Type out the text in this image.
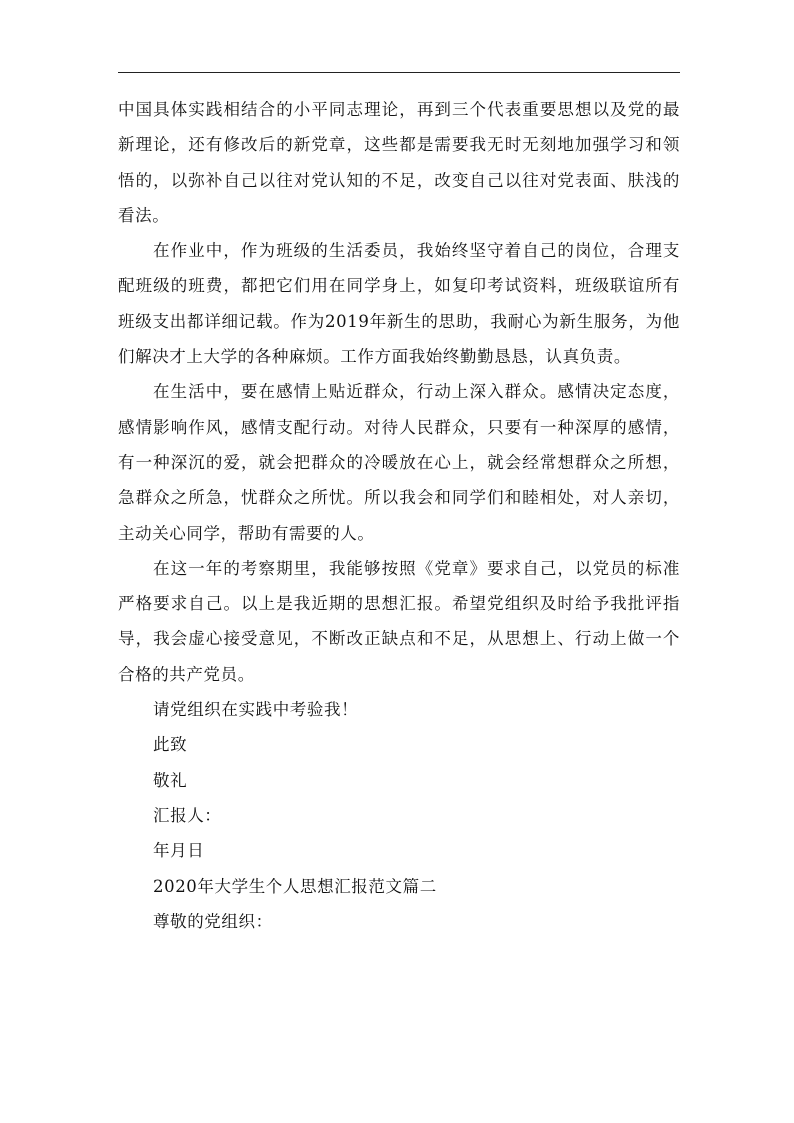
中国具体实践相结合的小平同志理论，再到三个代表重要思想以及党的最新理论，还有修改后的新党章，这些都是需要我无时无刻地加强学习和领悟的，以弥补自己以往对党认知的不足，改变自己以往对党表面、肤浅的看法。

在作业中，作为班级的生活委员，我始终坚守着自己的岗位，合理支配班级的班费，都把它们用在同学身上，如复印考试资料，班级联谊所有班级支出都详细记载。作为2019年新生的思助，我耐心为新生服务，为他们解决才上大学的各种麻烦。工作方面我始终勤勤恳恳，认真负责。

在生活中，要在感情上贴近群众，行动上深入群众。感情决定态度，感情影响作风，感情支配行动。对待人民群众，只要有一种深厚的感情，有一种深沉的爱，就会把群众的冷暖放在心上，就会经常想群众之所想，急群众之所急，忧群众之所忧。所以我会和同学们和睦相处，对人亲切，主动关心同学，帮助有需要的人。

在这一年的考察期里，我能够按照《党章》要求自己，以党员的标准严格要求自己。以上是我近期的思想汇报。希望党组织及时给予我批评指导，我会虚心接受意见，不断改正缺点和不足，从思想上、行动上做一个合格的共产党员。

请党组织在实践中考验我！

此致

敬礼

汇报人：

年月日

2020年大学生个人思想汇报范文篇二

尊敬的党组织：
